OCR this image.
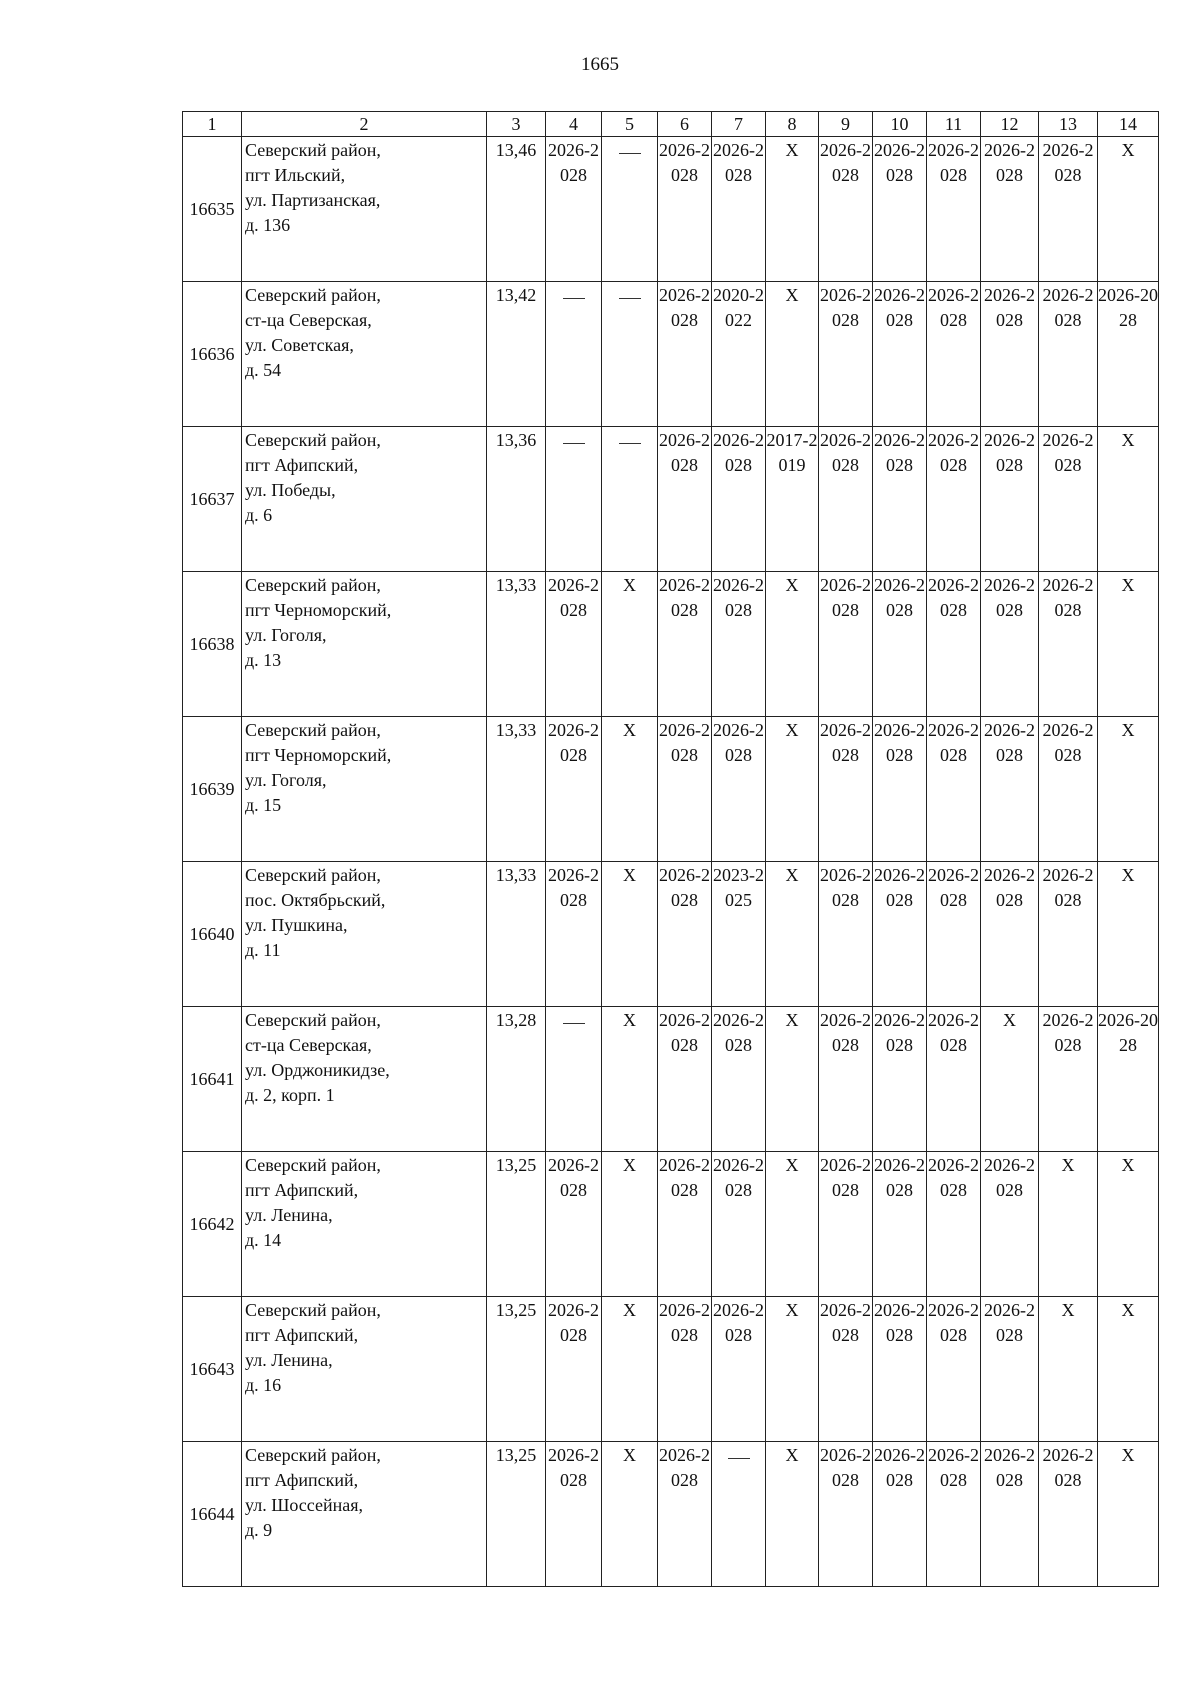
1665
1	2	3	4	5	6	7	8	9	10	11	12	13	14
16635	Северский район,
пгт Ильский,
ул. Партизанская,
д. 136	13,46	2026-2028		2026-2028	2026-2028	X	2026-2028	2026-2028	2026-2028	2026-2028	2026-2028	X
16636	Северский район,
ст-ца Северская,
ул. Советская,
д. 54	13,42			2026-2028	2020-2022	X	2026-2028	2026-2028	2026-2028	2026-2028	2026-2028	2026-2028
16637	Северский район,
пгт Афипский,
ул. Победы,
д. 6	13,36			2026-2028	2026-2028	2017-2019	2026-2028	2026-2028	2026-2028	2026-2028	2026-2028	X
16638	Северский район,
пгт Черноморский,
ул. Гоголя,
д. 13	13,33	2026-2028	X	2026-2028	2026-2028	X	2026-2028	2026-2028	2026-2028	2026-2028	2026-2028	X
16639	Северский район,
пгт Черноморский,
ул. Гоголя,
д. 15	13,33	2026-2028	X	2026-2028	2026-2028	X	2026-2028	2026-2028	2026-2028	2026-2028	2026-2028	X
16640	Северский район,
пос. Октябрьский,
ул. Пушкина,
д. 11	13,33	2026-2028	X	2026-2028	2023-2025	X	2026-2028	2026-2028	2026-2028	2026-2028	2026-2028	X
16641	Северский район,
ст-ца Северская,
ул. Орджоникидзе,
д. 2, корп. 1	13,28		X	2026-2028	2026-2028	X	2026-2028	2026-2028	2026-2028	X	2026-2028	2026-2028
16642	Северский район,
пгт Афипский,
ул. Ленина,
д. 14	13,25	2026-2028	X	2026-2028	2026-2028	X	2026-2028	2026-2028	2026-2028	2026-2028	X	X
16643	Северский район,
пгт Афипский,
ул. Ленина,
д. 16	13,25	2026-2028	X	2026-2028	2026-2028	X	2026-2028	2026-2028	2026-2028	2026-2028	X	X
16644	Северский район,
пгт Афипский,
ул. Шоссейная,
д. 9	13,25	2026-2028	X	2026-2028		X	2026-2028	2026-2028	2026-2028	2026-2028	2026-2028	X
